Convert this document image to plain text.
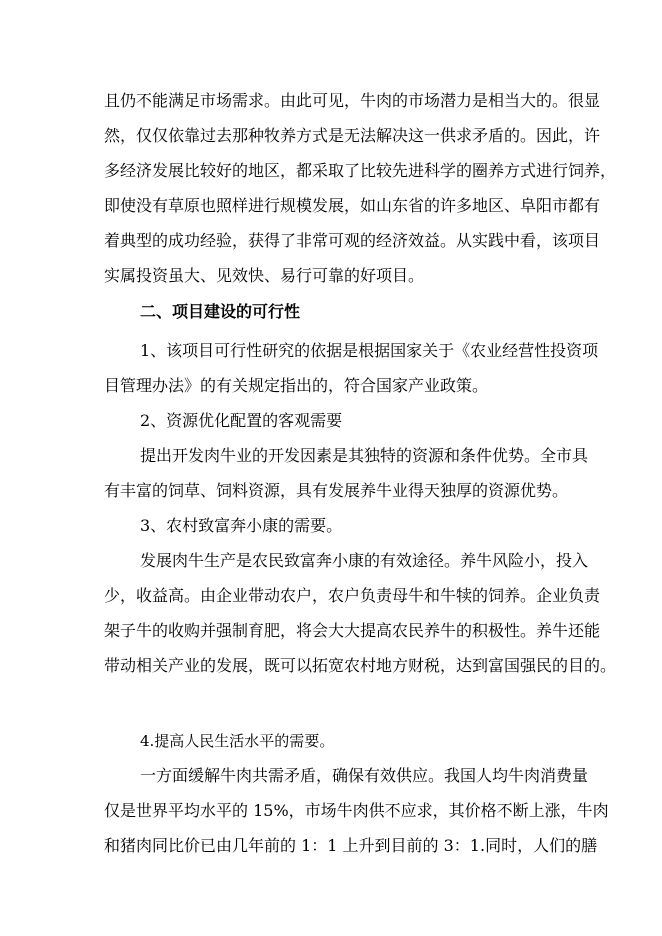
且仍不能满足市场需求。由此可见，牛肉的市场潜力是相当大的。很显

然，仅仅依靠过去那种牧养方式是无法解决这一供求矛盾的。因此，许

多经济发展比较好的地区，都采取了比较先进科学的圈养方式进行饲养，

即使没有草原也照样进行规模发展，如山东省的许多地区、阜阳市都有

着典型的成功经验，获得了非常可观的经济效益。从实践中看，该项目

实属投资虽大、见效快、易行可靠的好项目。

二、项目建设的可行性

1、该项目可行性研究的依据是根据国家关于《农业经营性投资项

目管理办法》的有关规定指出的，符合国家产业政策。

2、资源优化配置的客观需要

提出开发肉牛业的开发因素是其独特的资源和条件优势。全市具

有丰富的饲草、饲料资源，具有发展养牛业得天独厚的资源优势。

3、农村致富奔小康的需要。

发展肉牛生产是农民致富奔小康的有效途径。养牛风险小，投入

少，收益高。由企业带动农户，农户负责母牛和牛犊的饲养。企业负责

架子牛的收购并强制育肥，将会大大提高农民养牛的积极性。养牛还能

带动相关产业的发展，既可以拓宽农村地方财税，达到富国强民的目的。

4.提高人民生活水平的需要。

一方面缓解牛肉共需矛盾，确保有效供应。我国人均牛肉消费量

仅是世界平均水平的 15%，市场牛肉供不应求，其价格不断上涨，牛肉

和猪肉同比价已由几年前的 1：1 上升到目前的 3：1.同时，人们的膳
